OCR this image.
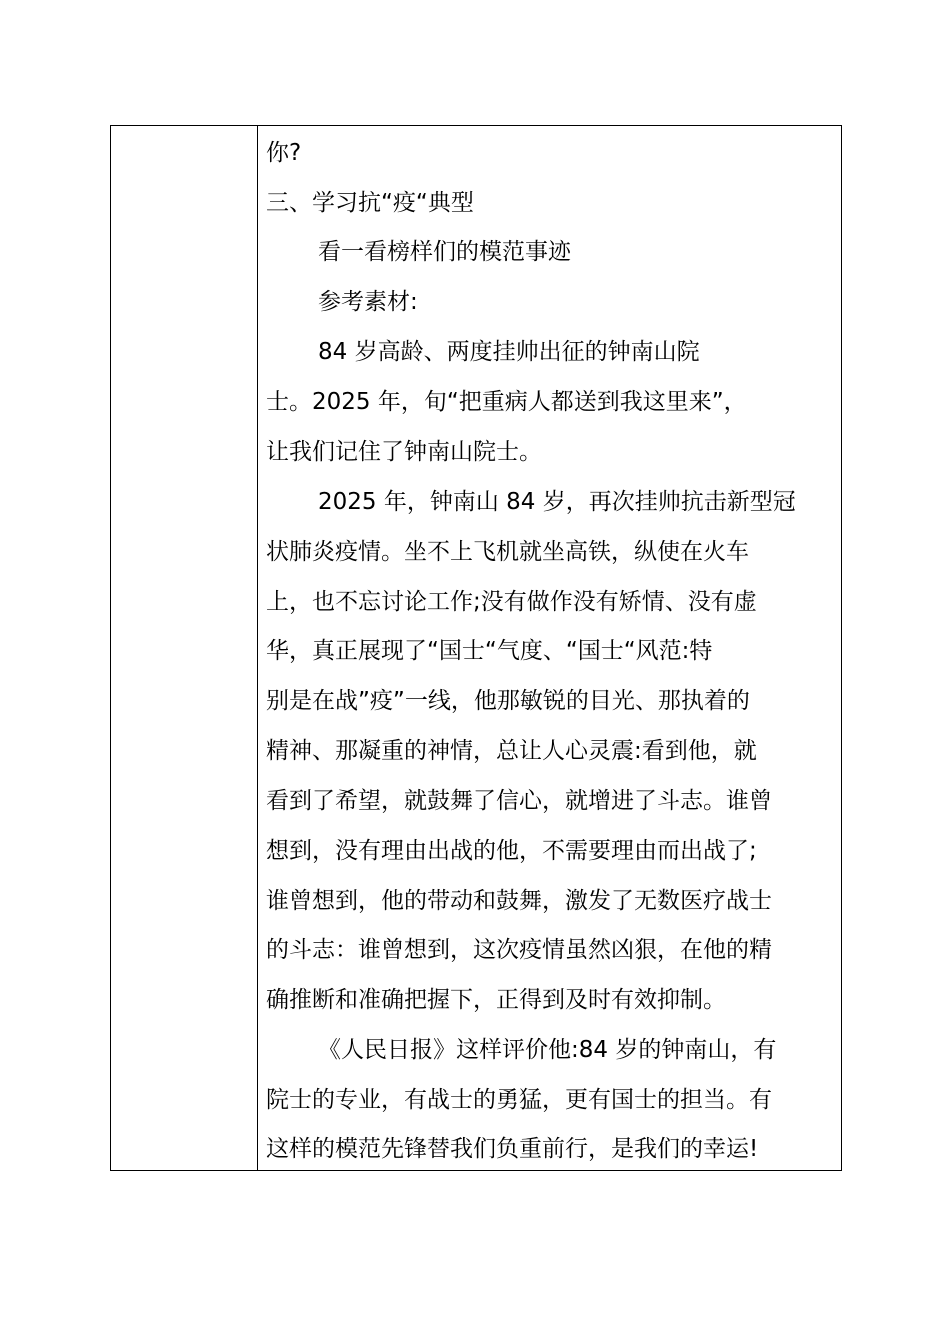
你?
三、学习抗“疫“典型
看一看榜样们的模范事迹
参考素材:
84 岁高龄、两度挂帅出征的钟南山院
士。2025 年，旬“把重病人都送到我这里来”，
让我们记住了钟南山院士。
2025 年，钟南山 84 岁，再次挂帅抗击新型冠
状肺炎疫情。坐不上飞机就坐高铁，纵使在火车
上，也不忘讨论工作;没有做作没有矫情、没有虚
华，真正展现了“国士“气度、“国士“风范:特
别是在战”疫”一线，他那敏锐的目光、那执着的
精神、那凝重的神情，总让人心灵震:看到他，就
看到了希望，就鼓舞了信心，就增进了斗志。谁曾
想到，没有理由出战的他，不需要理由而出战了;
谁曾想到，他的带动和鼓舞，激发了无数医疗战士
的斗志：谁曾想到，这次疫情虽然凶狠，在他的精
确推断和准确把握下，正得到及时有效抑制。
《人民日报》这样评价他:84 岁的钟南山，有
院士的专业，有战士的勇猛，更有国士的担当。有
这样的模范先锋替我们负重前行，是我们的幸运!
